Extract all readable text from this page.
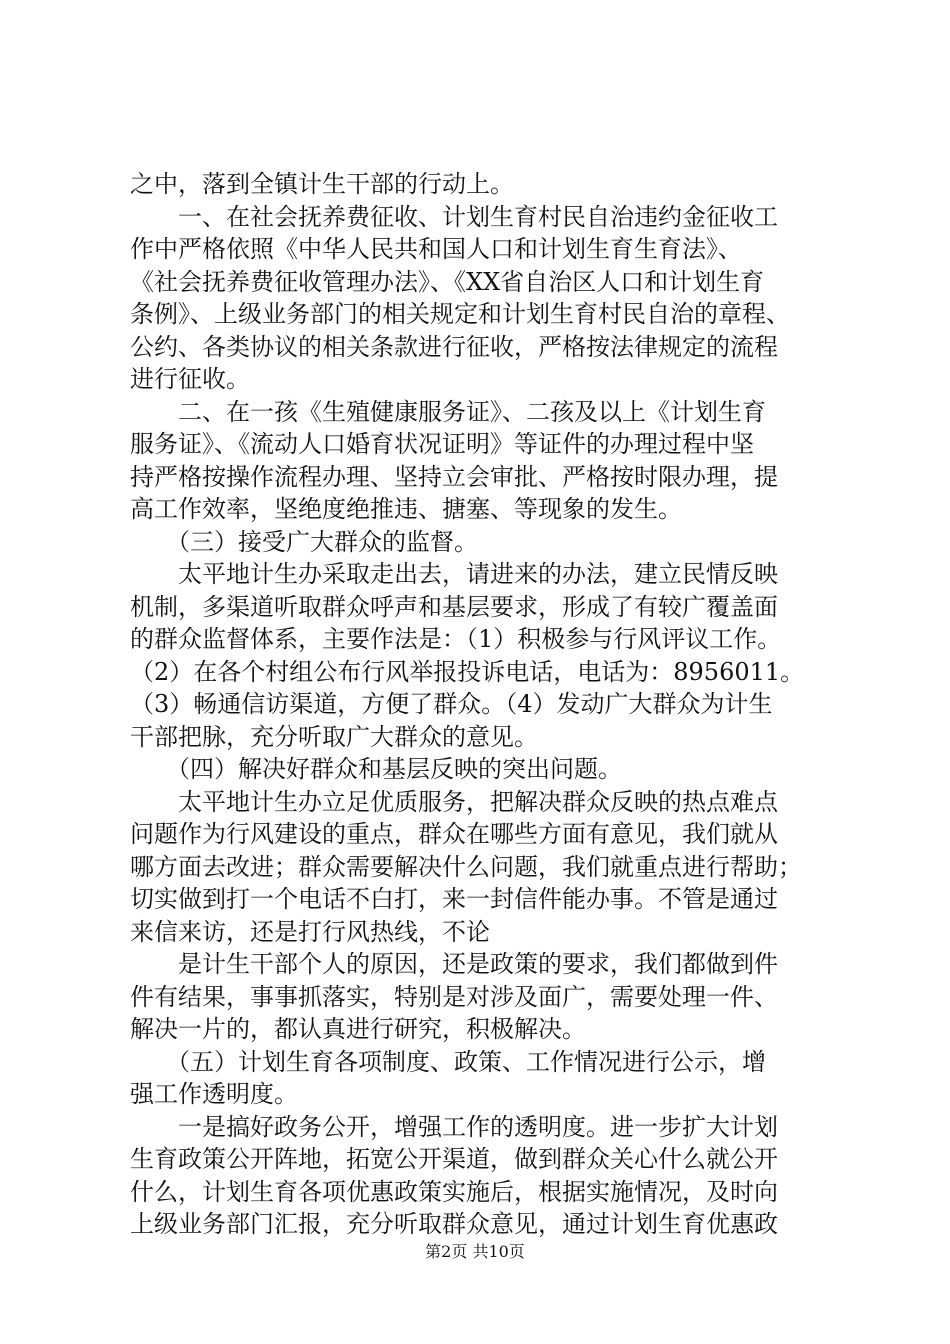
之中，落到全镇计生干部的行动上。
　　一、在社会抚养费征收、计划生育村民自治违约金征收工
作中严格依照《中华人民共和国人口和计划生育生育法》、
《社会抚养费征收管理办法》、《XX省自治区人口和计划生育
条例》、上级业务部门的相关规定和计划生育村民自治的章程、
公约、各类协议的相关条款进行征收，严格按法律规定的流程
进行征收。
　　二、在一孩《生殖健康服务证》、二孩及以上《计划生育
服务证》、《流动人口婚育状况证明》等证件的办理过程中坚
持严格按操作流程办理、坚持立会审批、严格按时限办理，提
高工作效率，坚绝度绝推违、搪塞、等现象的发生。
　　（三）接受广大群众的监督。
　　太平地计生办采取走出去，请进来的办法，建立民情反映
机制，多渠道听取群众呼声和基层要求，形成了有较广覆盖面
的群众监督体系，主要作法是：（1）积极参与行风评议工作。
（2）在各个村组公布行风举报投诉电话，电话为：8956011。
（3）畅通信访渠道，方便了群众。（4）发动广大群众为计生
干部把脉，充分听取广大群众的意见。
　　（四）解决好群众和基层反映的突出问题。
　　太平地计生办立足优质服务，把解决群众反映的热点难点
问题作为行风建设的重点，群众在哪些方面有意见，我们就从
哪方面去改进；群众需要解决什么问题，我们就重点进行帮助；
切实做到打一个电话不白打，来一封信件能办事。不管是通过
来信来访，还是打行风热线，不论
　　是计生干部个人的原因，还是政策的要求，我们都做到件
件有结果，事事抓落实，特别是对涉及面广，需要处理一件、
解决一片的，都认真进行研究，积极解决。
　　（五）计划生育各项制度、政策、工作情况进行公示，增
强工作透明度。
　　一是搞好政务公开，增强工作的透明度。进一步扩大计划
生育政策公开阵地，拓宽公开渠道，做到群众关心什么就公开
什么，计划生育各项优惠政策实施后，根据实施情况，及时向
上级业务部门汇报，充分听取群众意见，通过计划生育优惠政
第2页 共10页
